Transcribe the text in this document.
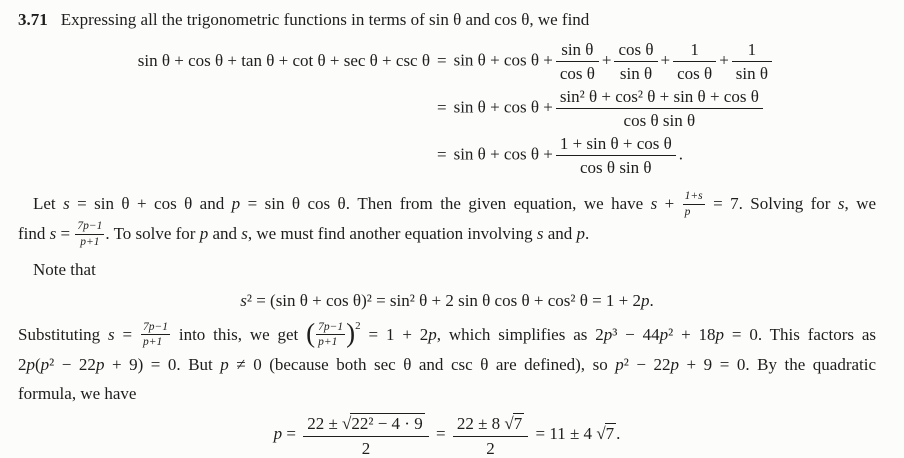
3.71 Expressing all the trigonometric functions in terms of sin θ and cos θ, we find

$\sin \theta + \cos \theta + \tan \theta + \cot \theta + \sec \theta + \csc \theta = \sin \theta + \cos \theta + \frac{\text{sin θ}}{\text{cos θ}} + \frac{\text{cos θ}}{\text{sin θ}} + \frac{1}{\text{cos θ}} + \frac{1}{\text{sin θ}}$
= $\sin \theta + \cos \theta + \frac{\text{sin² θ + cos² θ + sin θ + cos θ}}{\text{cos θ sin θ}}$
= $\sin \theta + \cos \theta + \frac{\text{1 + sin θ + cos θ}}{\text{cos θ sin θ}}$ .
Let s = sin θ + cos θ and p = sin θ cos θ. Then from the given equation, we have $s + \frac{1+s}{p} = 7$. Solving for s, we
find $s = \frac{7p-1}{p+1}$ . To solve for p and s, we must find another equation involving s and p.
Note that
s² = (sin θ + cos θ)² = sin² θ + 2 sin θ cos θ + cos² θ = 1 + 2p.
Substituting $s = \frac{7p-1}{p+1}$ into this, we get ( $\frac{7p-1}{p+1} )^2 = 1 + 2p$, which simplifies as 2p³ − 44p² + 18p = 0. This factors as
2p(p² − 22p + 9) = 0. But p ≠ 0 (because both sec θ and csc θ are defined), so p² − 22p + 9 = 0. By the quadratic
formula, we have
$p = \frac{\text{22 ± √22² − 4 · 9}}{2} = \frac{22 \pm 8 √7}{2} = 11 \pm 4$ √7 .
